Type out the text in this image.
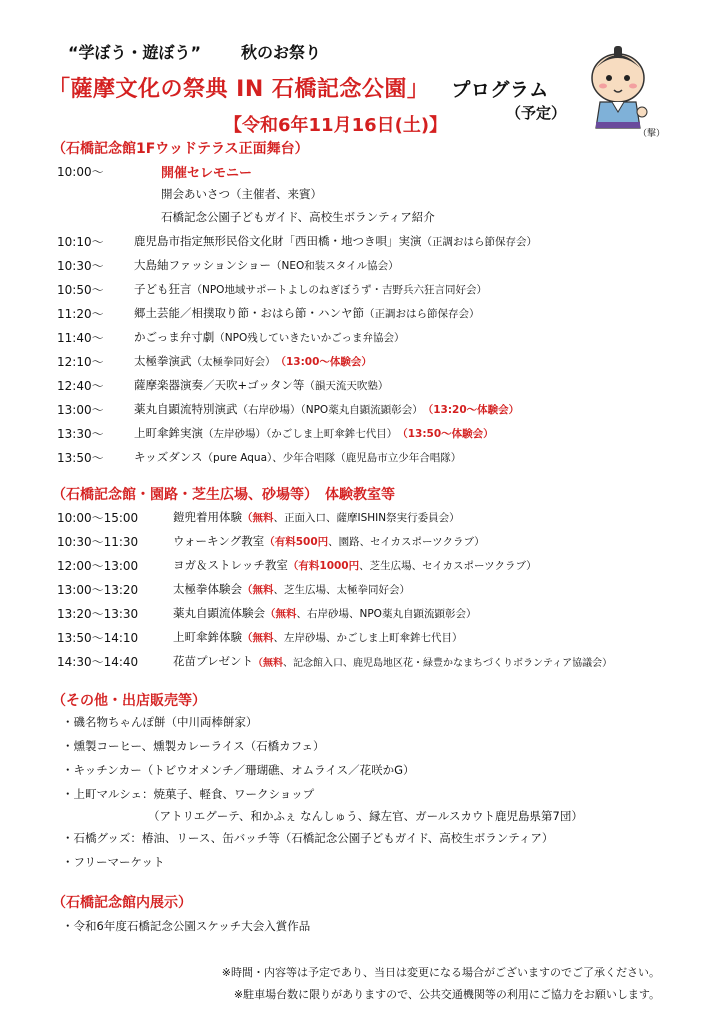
“学ぼう・遊ぼう”	秋のお祭り
「薩摩文化の祭典 IN 石橋記念公園」 プログラム
（予定）
【令和6年11月16日(土)】	（撃）
（石橋記念館1Fウッドテラス正面舞台）
10:00〜	開催セレモニー
開会あいさつ（主催者、来賓）
石橋記念公園子どもガイド、高校生ボランティア紹介
10:10〜	鹿児島市指定無形民俗文化財「西田橋・地つき唄」実演 （正調おはら節保存会）
10:30〜	大島紬ファッションショー （NEO和装スタイル協会）
10:50〜	子ども狂言 （NPO地域サポートよしのねぎぼうず・吉野兵六狂言同好会）
11:20〜	郷土芸能／相撲取り節・おはら節・ハンヤ節 （正調おはら節保存会）
11:40〜	かごっま弁寸劇 （NPO残していきたいかごっま弁協会）
12:10〜	太極拳演武 （太極拳同好会） （13:00〜体験会）
12:40〜	薩摩楽器演奏／天吹+ゴッタン等 （韻天流天吹塾）
13:00〜	薬丸自顕流特別演武 （右岸砂場）（NPO薬丸自顕流顕彰会） （13:20〜体験会）
13:30〜	上町傘鉾実演 （左岸砂場）（かごしま上町傘鉾七代目） （13:50〜体験会）
13:50〜	キッズダンス （pure Aqua）、少年合唱隊（鹿児島市立少年合唱隊）
（石橋記念館・園路・芝生広場、砂場等）　体験教室等
10:00〜15:00	鎧兜着用体験 （無料 、正面入口、薩摩ISHIN祭実行委員会）
10:30〜11:30	ウォーキング教室 （有料500円 、園路、セイカスポーツクラブ）
12:00〜13:00	ヨガ＆ストレッチ教室 （有料1000円 、芝生広場、セイカスポーツクラブ）
13:00〜13:20	太極拳体験会 （無料 、芝生広場、太極拳同好会）
13:20〜13:30	薬丸自顕流体験会 （無料 、右岸砂場、NPO薬丸自顕流顕彰会）
13:50〜14:10	上町傘鉾体験 （無料 、左岸砂場、かごしま上町傘鉾七代目）
14:30〜14:40	花苗プレゼント （無料 、記念館入口、鹿児島地区花・緑豊かなまちづくりボランティア協議会）
（その他・出店販売等）
・磯名物ちゃんぽ餅（中川両棒餅家）
・燻製コーヒー、燻製カレーライス（石橋カフェ）
・キッチンカー（トビウオメンチ／珊瑚礁、オムライス／花咲かG）
・上町マルシェ：焼菓子、軽食、ワークショップ
（アトリエグーテ、和かふぇ なんしゅう、縁左官、ガールスカウト鹿児島県第7団）
・石橋グッズ：椿油、リース、缶バッチ等（石橋記念公園子どもガイド、高校生ボランティア）
・フリーマーケット
（石橋記念館内展示）
・令和6年度石橋記念公園スケッチ大会入賞作品
※時間・内容等は予定であり、当日は変更になる場合がございますのでご了承ください。
※駐車場台数に限りがありますので、公共交通機関等の利用にご協力をお願いします。
